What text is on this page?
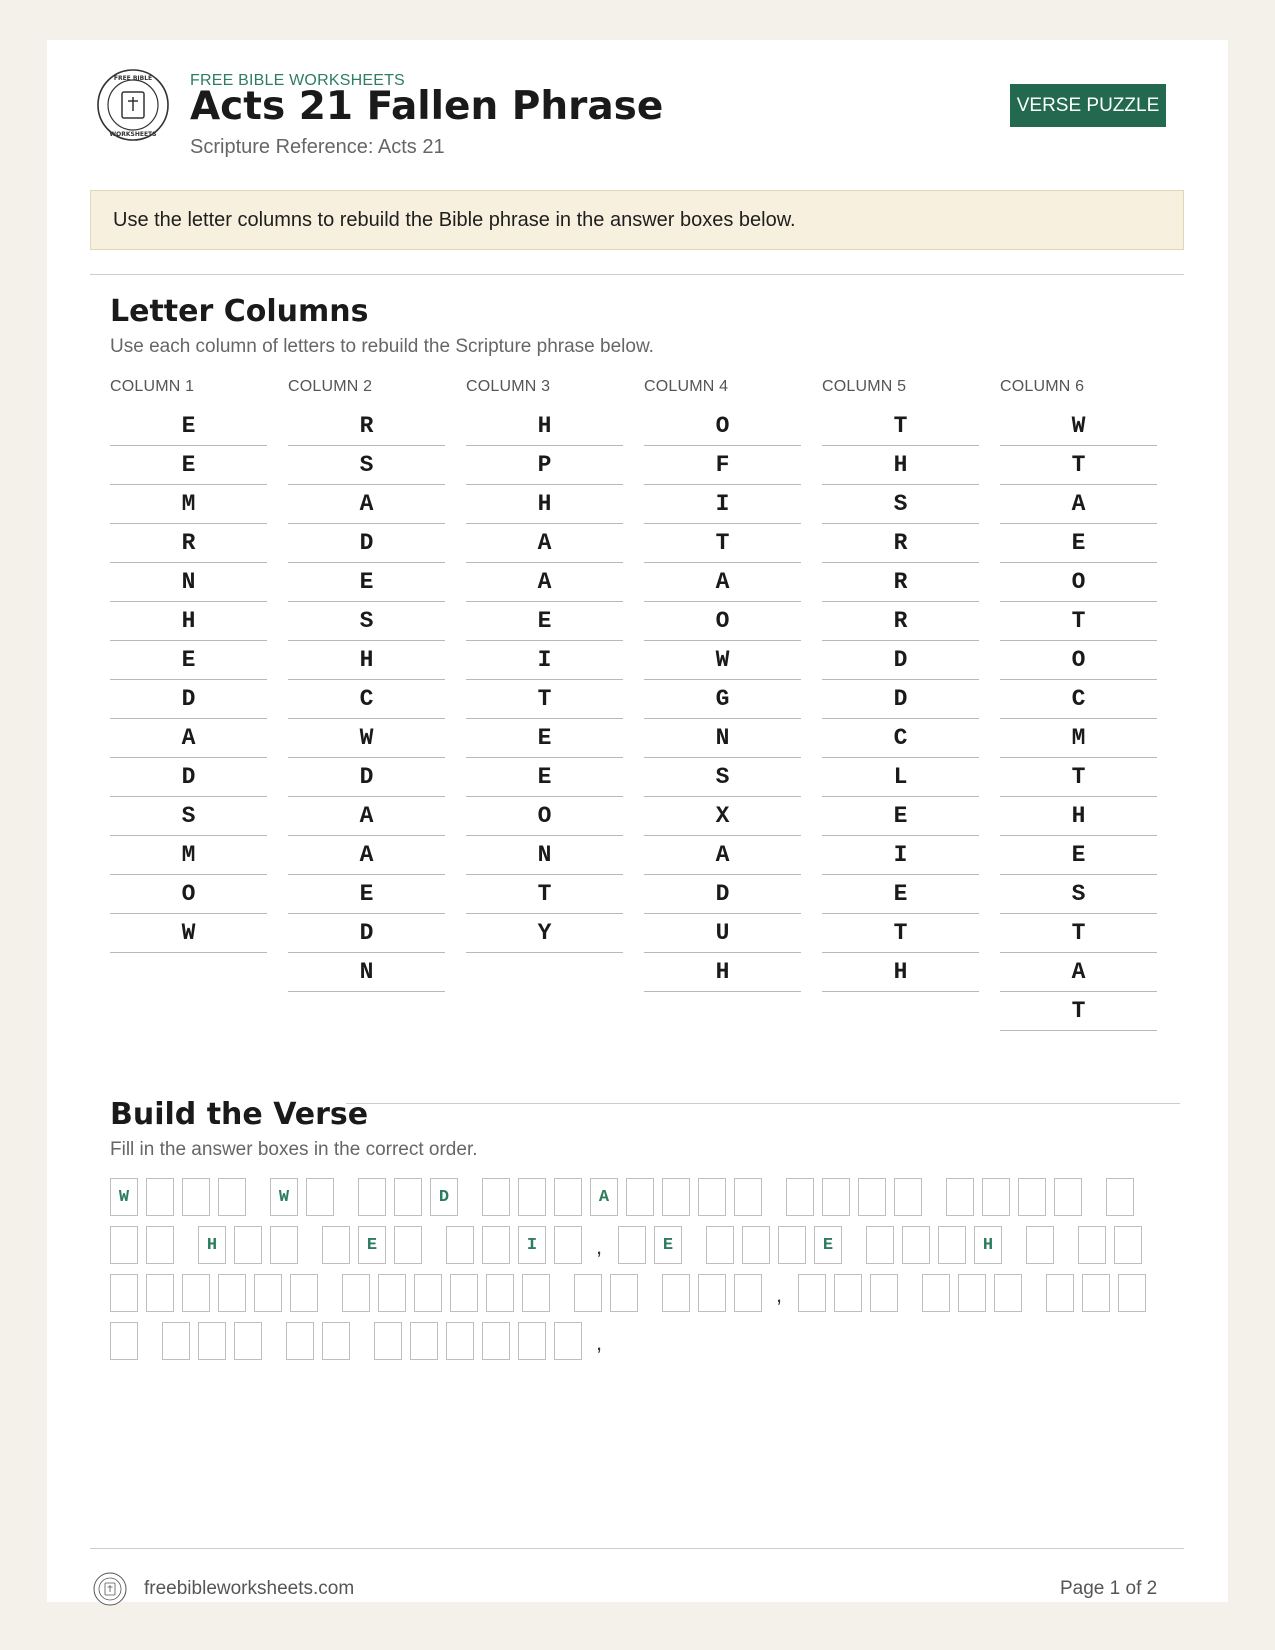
FREE BIBLE
WORKSHEETS
FREE BIBLE WORKSHEETS
Acts 21 Fallen Phrase
Scripture Reference: Acts 21
VERSE PUZZLE
Use the letter columns to rebuild the Bible phrase in the answer boxes below.
Letter Columns
Use each column of letters to rebuild the Scripture phrase below.
COLUMN 1
E
E
M
R
N
H
E
D
A
D
S
M
O
W
COLUMN 2
R
S
A
D
E
S
H
C
W
D
A
A
E
D
N
COLUMN 3
H
P
H
A
A
E
I
T
E
E
O
N
T
Y
COLUMN 4
O
F
I
T
A
O
W
G
N
S
X
A
D
U
H
COLUMN 5
T
H
S
R
R
R
D
D
C
L
E
I
E
T
H
COLUMN 6
W
T
A
E
O
T
O
C
M
T
H
E
S
T
A
T
Build the Verse
Fill in the answer boxes in the correct order.
W	W	D	A
H	E	I	,	E	E	H
,
,
freebibleworksheets.com	Page 1 of 2
